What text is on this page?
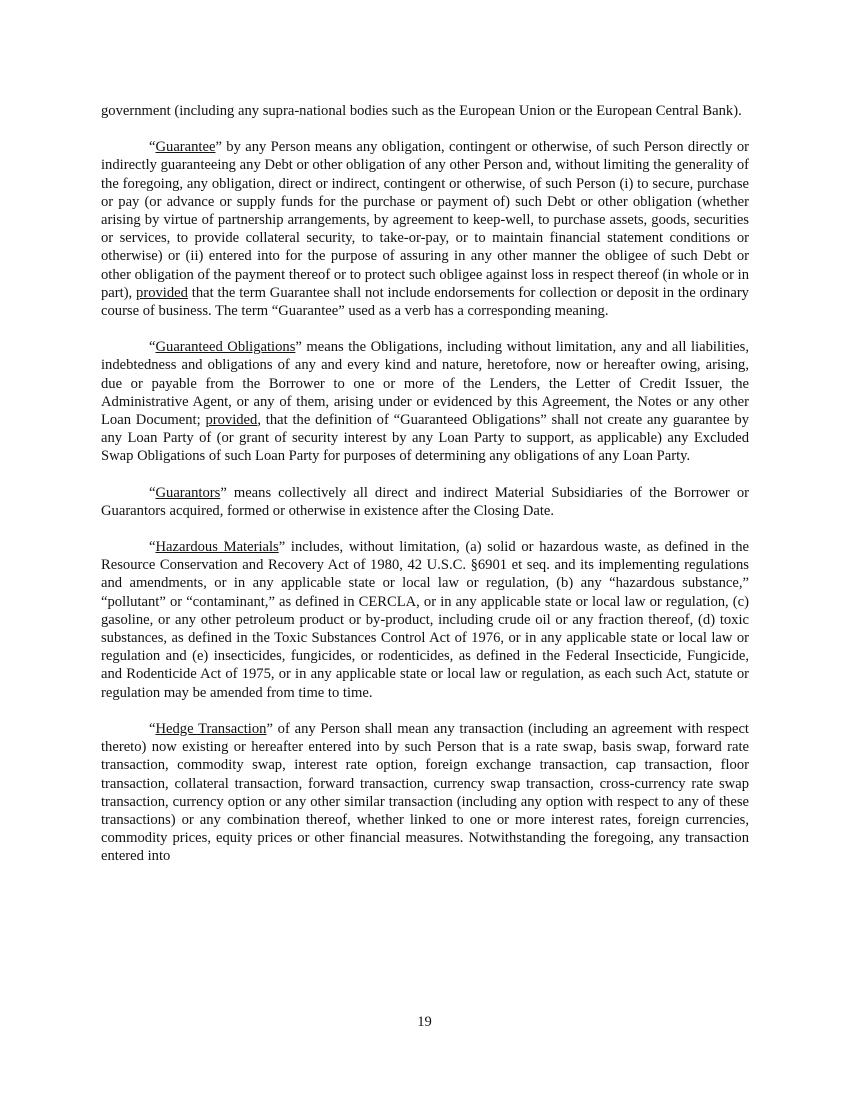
government (including any supra-national bodies such as the European Union or the European Central Bank).

“Guarantee” by any Person means any obligation, contingent or otherwise, of such Person directly or indirectly guaranteeing any Debt or other obligation of any other Person and, without limiting the generality of the foregoing, any obligation, direct or indirect, contingent or otherwise, of such Person (i) to secure, purchase or pay (or advance or supply funds for the purchase or payment of) such Debt or other obligation (whether arising by virtue of partnership arrangements, by agreement to keep-well, to purchase assets, goods, securities or services, to provide collateral security, to take-or-pay, or to maintain financial statement conditions or otherwise) or (ii) entered into for the purpose of assuring in any other manner the obligee of such Debt or other obligation of the payment thereof or to protect such obligee against loss in respect thereof (in whole or in part), provided that the term Guarantee shall not include endorsements for collection or deposit in the ordinary course of business. The term “Guarantee” used as a verb has a corresponding meaning.

“Guaranteed Obligations” means the Obligations, including without limitation, any and all liabilities, indebtedness and obligations of any and every kind and nature, heretofore, now or hereafter owing, arising, due or payable from the Borrower to one or more of the Lenders, the Letter of Credit Issuer, the Administrative Agent, or any of them, arising under or evidenced by this Agreement, the Notes or any other Loan Document; provided, that the definition of “Guaranteed Obligations” shall not create any guarantee by any Loan Party of (or grant of security interest by any Loan Party to support, as applicable) any Excluded Swap Obligations of such Loan Party for purposes of determining any obligations of any Loan Party.

“Guarantors” means collectively all direct and indirect Material Subsidiaries of the Borrower or Guarantors acquired, formed or otherwise in existence after the Closing Date.

“Hazardous Materials” includes, without limitation, (a) solid or hazardous waste, as defined in the Resource Conservation and Recovery Act of 1980, 42 U.S.C. §6901 et seq. and its implementing regulations and amendments, or in any applicable state or local law or regulation, (b) any “hazardous substance,” “pollutant” or “contaminant,” as defined in CERCLA, or in any applicable state or local law or regulation, (c) gasoline, or any other petroleum product or by-product, including crude oil or any fraction thereof, (d) toxic substances, as defined in the Toxic Substances Control Act of 1976, or in any applicable state or local law or regulation and (e) insecticides, fungicides, or rodenticides, as defined in the Federal Insecticide, Fungicide, and Rodenticide Act of 1975, or in any applicable state or local law or regulation, as each such Act, statute or regulation may be amended from time to time.

“Hedge Transaction” of any Person shall mean any transaction (including an agreement with respect thereto) now existing or hereafter entered into by such Person that is a rate swap, basis swap, forward rate transaction, commodity swap, interest rate option, foreign exchange transaction, cap transaction, floor transaction, collateral transaction, forward transaction, currency swap transaction, cross-currency rate swap transaction, currency option or any other similar transaction (including any option with respect to any of these transactions) or any combination thereof, whether linked to one or more interest rates, foreign currencies, commodity prices, equity prices or other financial measures. Notwithstanding the foregoing, any transaction entered into

19
